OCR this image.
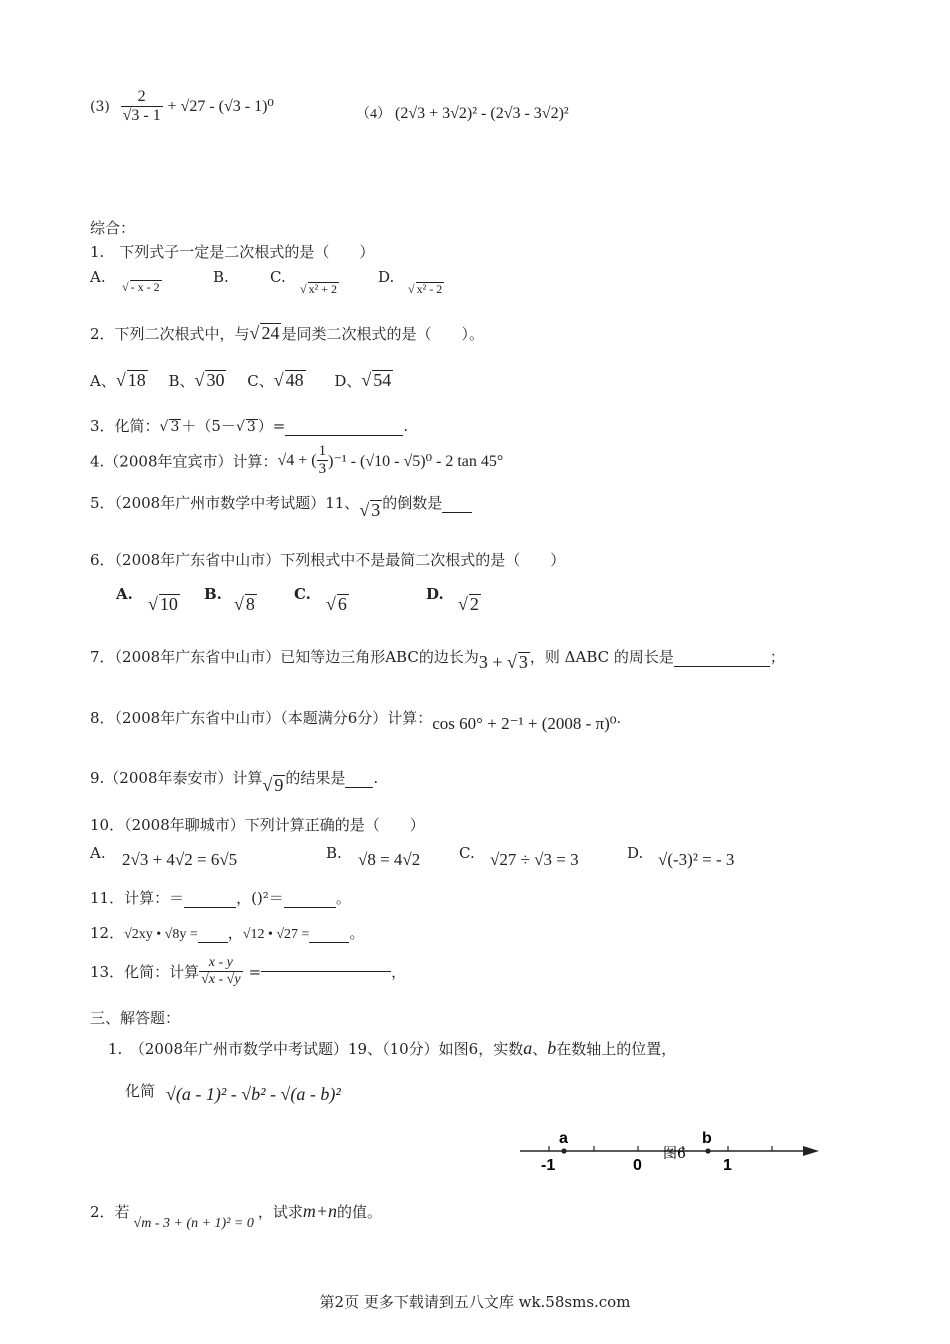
$(3) \frac{2}{√3 - 1} + √27 - (√3 - 1)^0$	（4） (2√3 + 3√2)² - (2√3 - 3√2)²
综合：
1.　下列式子一定是二次根式的是（　　）
A.
√ - x - 2
B.	C.
√ x² + 2
D.
√ x² - 2
2．下列二次根式中，与√ 24 是同类二次根式的是（　　）。
A、√ 18 B、√ 30 C、√ 48 D、√ 54
3．化简：√ 3 ＋（5－√ 3 ）=	.
4.（2008年宜宾市）计算：√4 + ( $\frac{1}{3} )^{-1} - (√10 - √5)^0 - 2$ tan 45°
5．（2008年广州市数学中考试题）11、√ 3 的倒数是
6．（2008年广东省中山市）下列根式中不是最简二次根式的是（　　）
A. √ 10 B. √ 8	C. √ 6	D. √ 2
7．（2008年广东省中山市）已知等边三角形ABC的边长为3 + √ 3 ，则 ΔABC 的周长是	；
8．（2008年广东省中山市）（本题满分6分）计算：cos 60° + 2⁻¹ + (2008 - π)⁰.
9.（2008年泰安市）计算√ 9 的结果是 .
10．（2008年聊城市）下列计算正确的是（　　）
A. 2√3 + 4√2 = 6√5	B. √8 = 4√2	C. √27 ÷ √3 = 3	D. √(-3)² = - 3
11．计算：＝	，()²＝	。
12．√2xy • √8y = ，√12 • √27 =	。
13．化简：计算 $\frac{x - y}{√x - √y}$ =	，
三、解答题：
1.　（2008年广州市数学中考试题）19、（10分）如图6，实数a、b在数轴上的位置，
化简 √(a - 1)² - √b² - √(a - b)²
a	b
-1	0	1
图6
2．若√m - 3 + (n + 1)² = 0，试求m+n的值。
第2页 更多下载请到五八文库 wk.58sms.com
